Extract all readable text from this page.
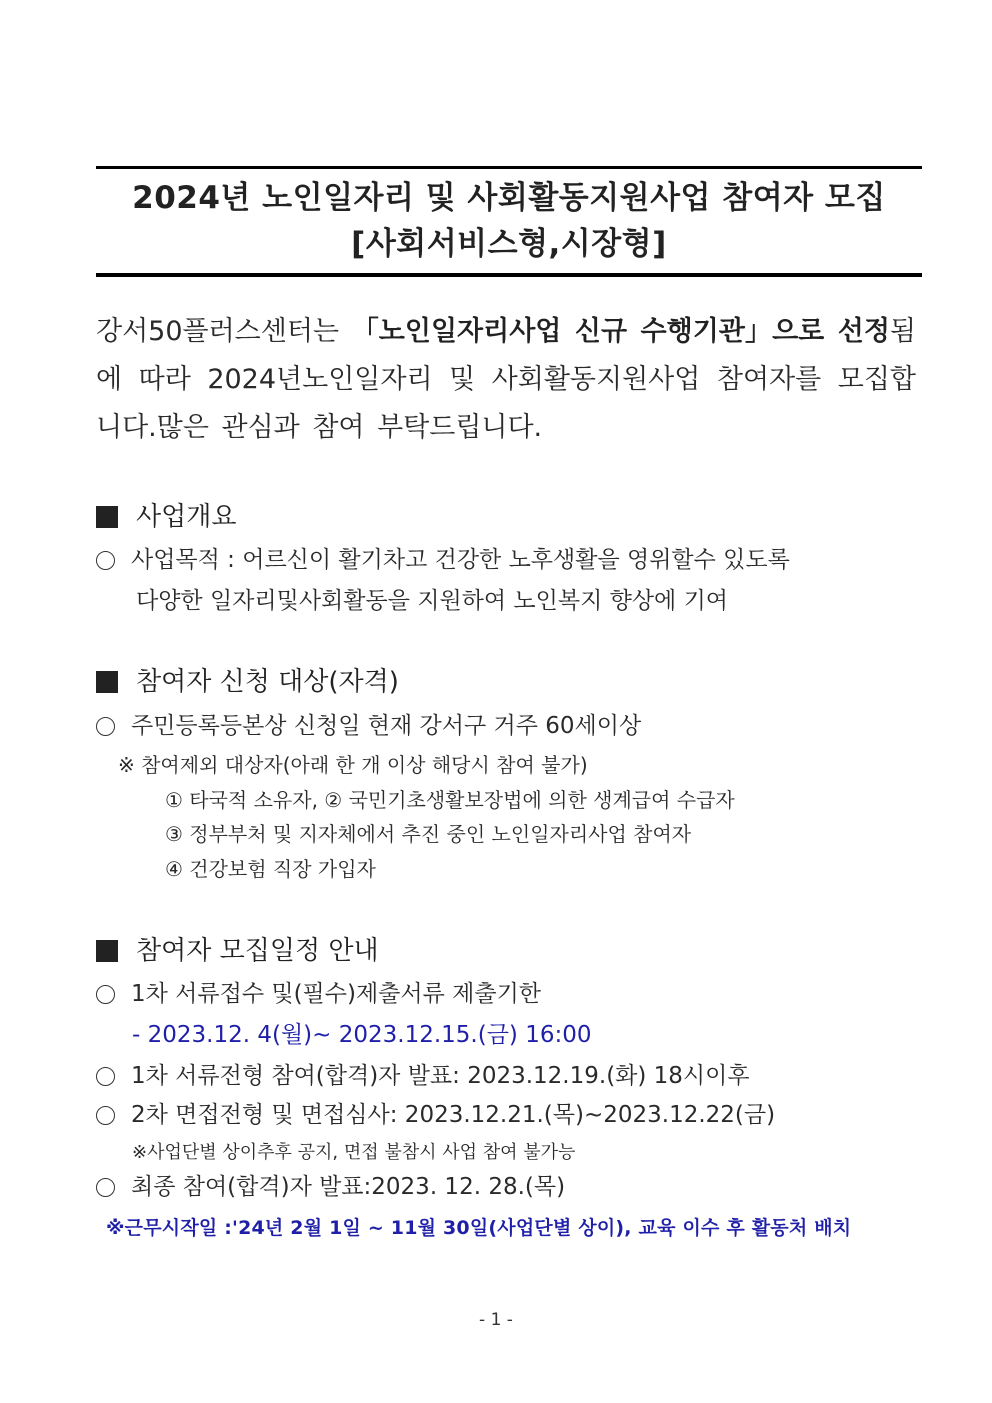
2024년 노인일자리 및 사회활동지원사업 참여자 모집
[사회서비스형,시장형]
강서50플러스센터는 「노인일자리사업 신규 수행기관」으로 선정됨에 따라 2024년노인일자리 및 사회활동지원사업 참여자를 모집합니다.많은 관심과 참여 부탁드립니다.
사업개요
사업목적 : 어르신이 활기차고 건강한 노후생활을 영위할수 있도록
다양한 일자리및사회활동을 지원하여 노인복지 향상에 기여
참여자 신청 대상(자격)
주민등록등본상 신청일 현재 강서구 거주 60세이상
※ 참여제외 대상자(아래 한 개 이상 해당시 참여 불가)
① 타국적 소유자, ② 국민기초생활보장법에 의한 생계급여 수급자
③ 정부부처 및 지자체에서 추진 중인 노인일자리사업 참여자
④ 건강보험 직장 가입자
참여자 모집일정 안내
1차 서류접수 및(필수)제출서류 제출기한
- 2023.12. 4(월)~ 2023.12.15.(금) 16:00
1차 서류전형 참여(합격)자 발표: 2023.12.19.(화) 18시이후
2차 면접전형 및 면접심사: 2023.12.21.(목)~2023.12.22(금)
※사업단별 상이추후 공지, 면접 불참시 사업 참여 불가능
최종 참여(합격)자 발표:2023. 12. 28.(목)
※근무시작일 :'24년 2월 1일 ~ 11월 30일(사업단별 상이), 교육 이수 후 활동처 배치
- 1 -
